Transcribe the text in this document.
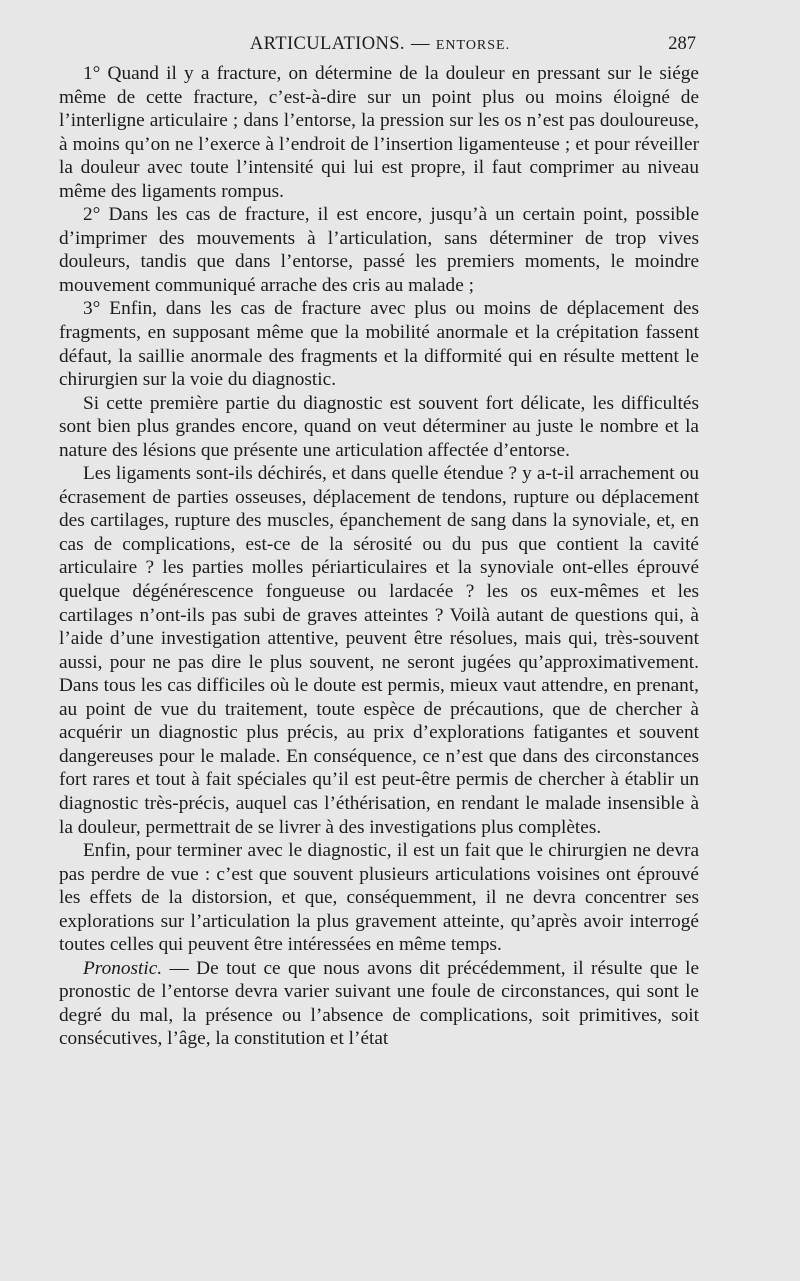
ARTICULATIONS. — ENTORSE.	287

1° Quand il y a fracture, on détermine de la douleur en pressant sur le siége même de cette fracture, c’est-à-dire sur un point plus ou moins éloigné de l’interligne articulaire ; dans l’entorse, la pression sur les os n’est pas douloureuse, à moins qu’on ne l’exerce à l’endroit de l’insertion ligamenteuse ; et pour réveiller la douleur avec toute l’intensité qui lui est propre, il faut comprimer au niveau même des ligaments rompus.

2° Dans les cas de fracture, il est encore, jusqu’à un certain point, possible d’imprimer des mouvements à l’articulation, sans déterminer de trop vives douleurs, tandis que dans l’entorse, passé les premiers moments, le moindre mouvement communiqué arrache des cris au malade ;

3° Enfin, dans les cas de fracture avec plus ou moins de déplacement des fragments, en supposant même que la mobilité anormale et la crépitation fassent défaut, la saillie anormale des fragments et la difformité qui en résulte mettent le chirurgien sur la voie du diagnostic.

Si cette première partie du diagnostic est souvent fort délicate, les difficultés sont bien plus grandes encore, quand on veut déterminer au juste le nombre et la nature des lésions que présente une articulation affectée d’entorse.

Les ligaments sont-ils déchirés, et dans quelle étendue ? y a-t-il arrachement ou écrasement de parties osseuses, déplacement de tendons, rupture ou déplacement des cartilages, rupture des muscles, épanchement de sang dans la synoviale, et, en cas de complications, est-ce de la sérosité ou du pus que contient la cavité articulaire ? les parties molles périarticulaires et la synoviale ont-elles éprouvé quelque dégénérescence fongueuse ou lardacée ? les os eux-mêmes et les cartilages n’ont-ils pas subi de graves atteintes ? Voilà autant de questions qui, à l’aide d’une investigation attentive, peuvent être résolues, mais qui, très-souvent aussi, pour ne pas dire le plus souvent, ne seront jugées qu’approximativement. Dans tous les cas difficiles où le doute est permis, mieux vaut attendre, en prenant, au point de vue du traitement, toute espèce de précautions, que de chercher à acquérir un diagnostic plus précis, au prix d’explorations fatigantes et souvent dangereuses pour le malade. En conséquence, ce n’est que dans des circonstances fort rares et tout à fait spéciales qu’il est peut-être permis de chercher à établir un diagnostic très-précis, auquel cas l’éthérisation, en rendant le malade insensible à la douleur, permettrait de se livrer à des investigations plus complètes.

Enfin, pour terminer avec le diagnostic, il est un fait que le chirurgien ne devra pas perdre de vue : c’est que souvent plusieurs articulations voisines ont éprouvé les effets de la distorsion, et que, conséquemment, il ne devra concentrer ses explorations sur l’articulation la plus gravement atteinte, qu’après avoir interrogé toutes celles qui peuvent être intéressées en même temps.

Pronostic. — De tout ce que nous avons dit précédemment, il résulte que le pronostic de l’entorse devra varier suivant une foule de circonstances, qui sont le degré du mal, la présence ou l’absence de complications, soit primitives, soit consécutives, l’âge, la constitution et l’état
